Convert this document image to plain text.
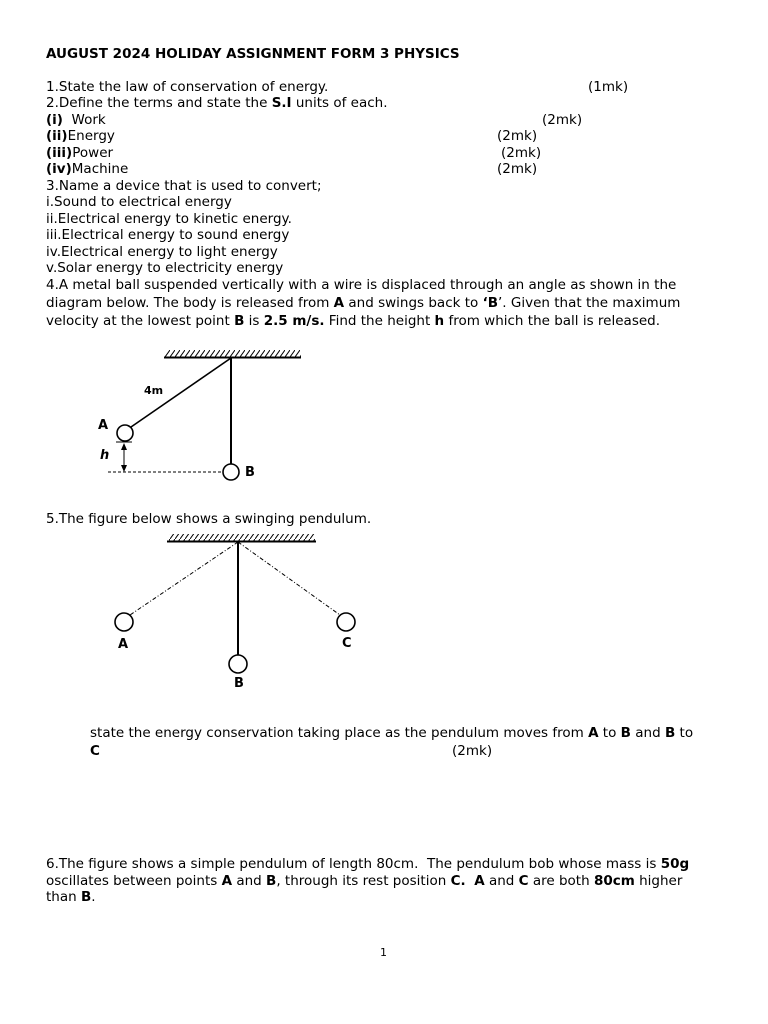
4m
A
h
B
A
B
C
AUGUST 2024 HOLIDAY ASSIGNMENT FORM 3 PHYSICS
1.State the law of conservation of energy.	(1mk)
2.Define the terms and state the S.I units of each.
(i)  Work	(2mk)
(ii)Energy	(2mk)
(iii)Power	(2mk)
(iv)Machine	(2mk)
3.Name a device that is used to convert;
i.Sound to electrical energy
ii.Electrical energy to kinetic energy.
iii.Electrical energy to sound energy
iv.Electrical energy to light energy
v.Solar energy to electricity energy
4.A metal ball suspended vertically with a wire is displaced through an angle as shown in the
diagram below. The body is released from A and swings back to ‘B’. Given that the maximum
velocity at the lowest point B is 2.5 m/s. Find the height h from which the ball is released.
5.The figure below shows a swinging pendulum.
state the energy conservation taking place as the pendulum moves from A to B and B to
C	(2mk)
6.The figure shows a simple pendulum of length 80cm.  The pendulum bob whose mass is 50g
oscillates between points A and B, through its rest position C. A and C are both 80cm higher
than B.
1
